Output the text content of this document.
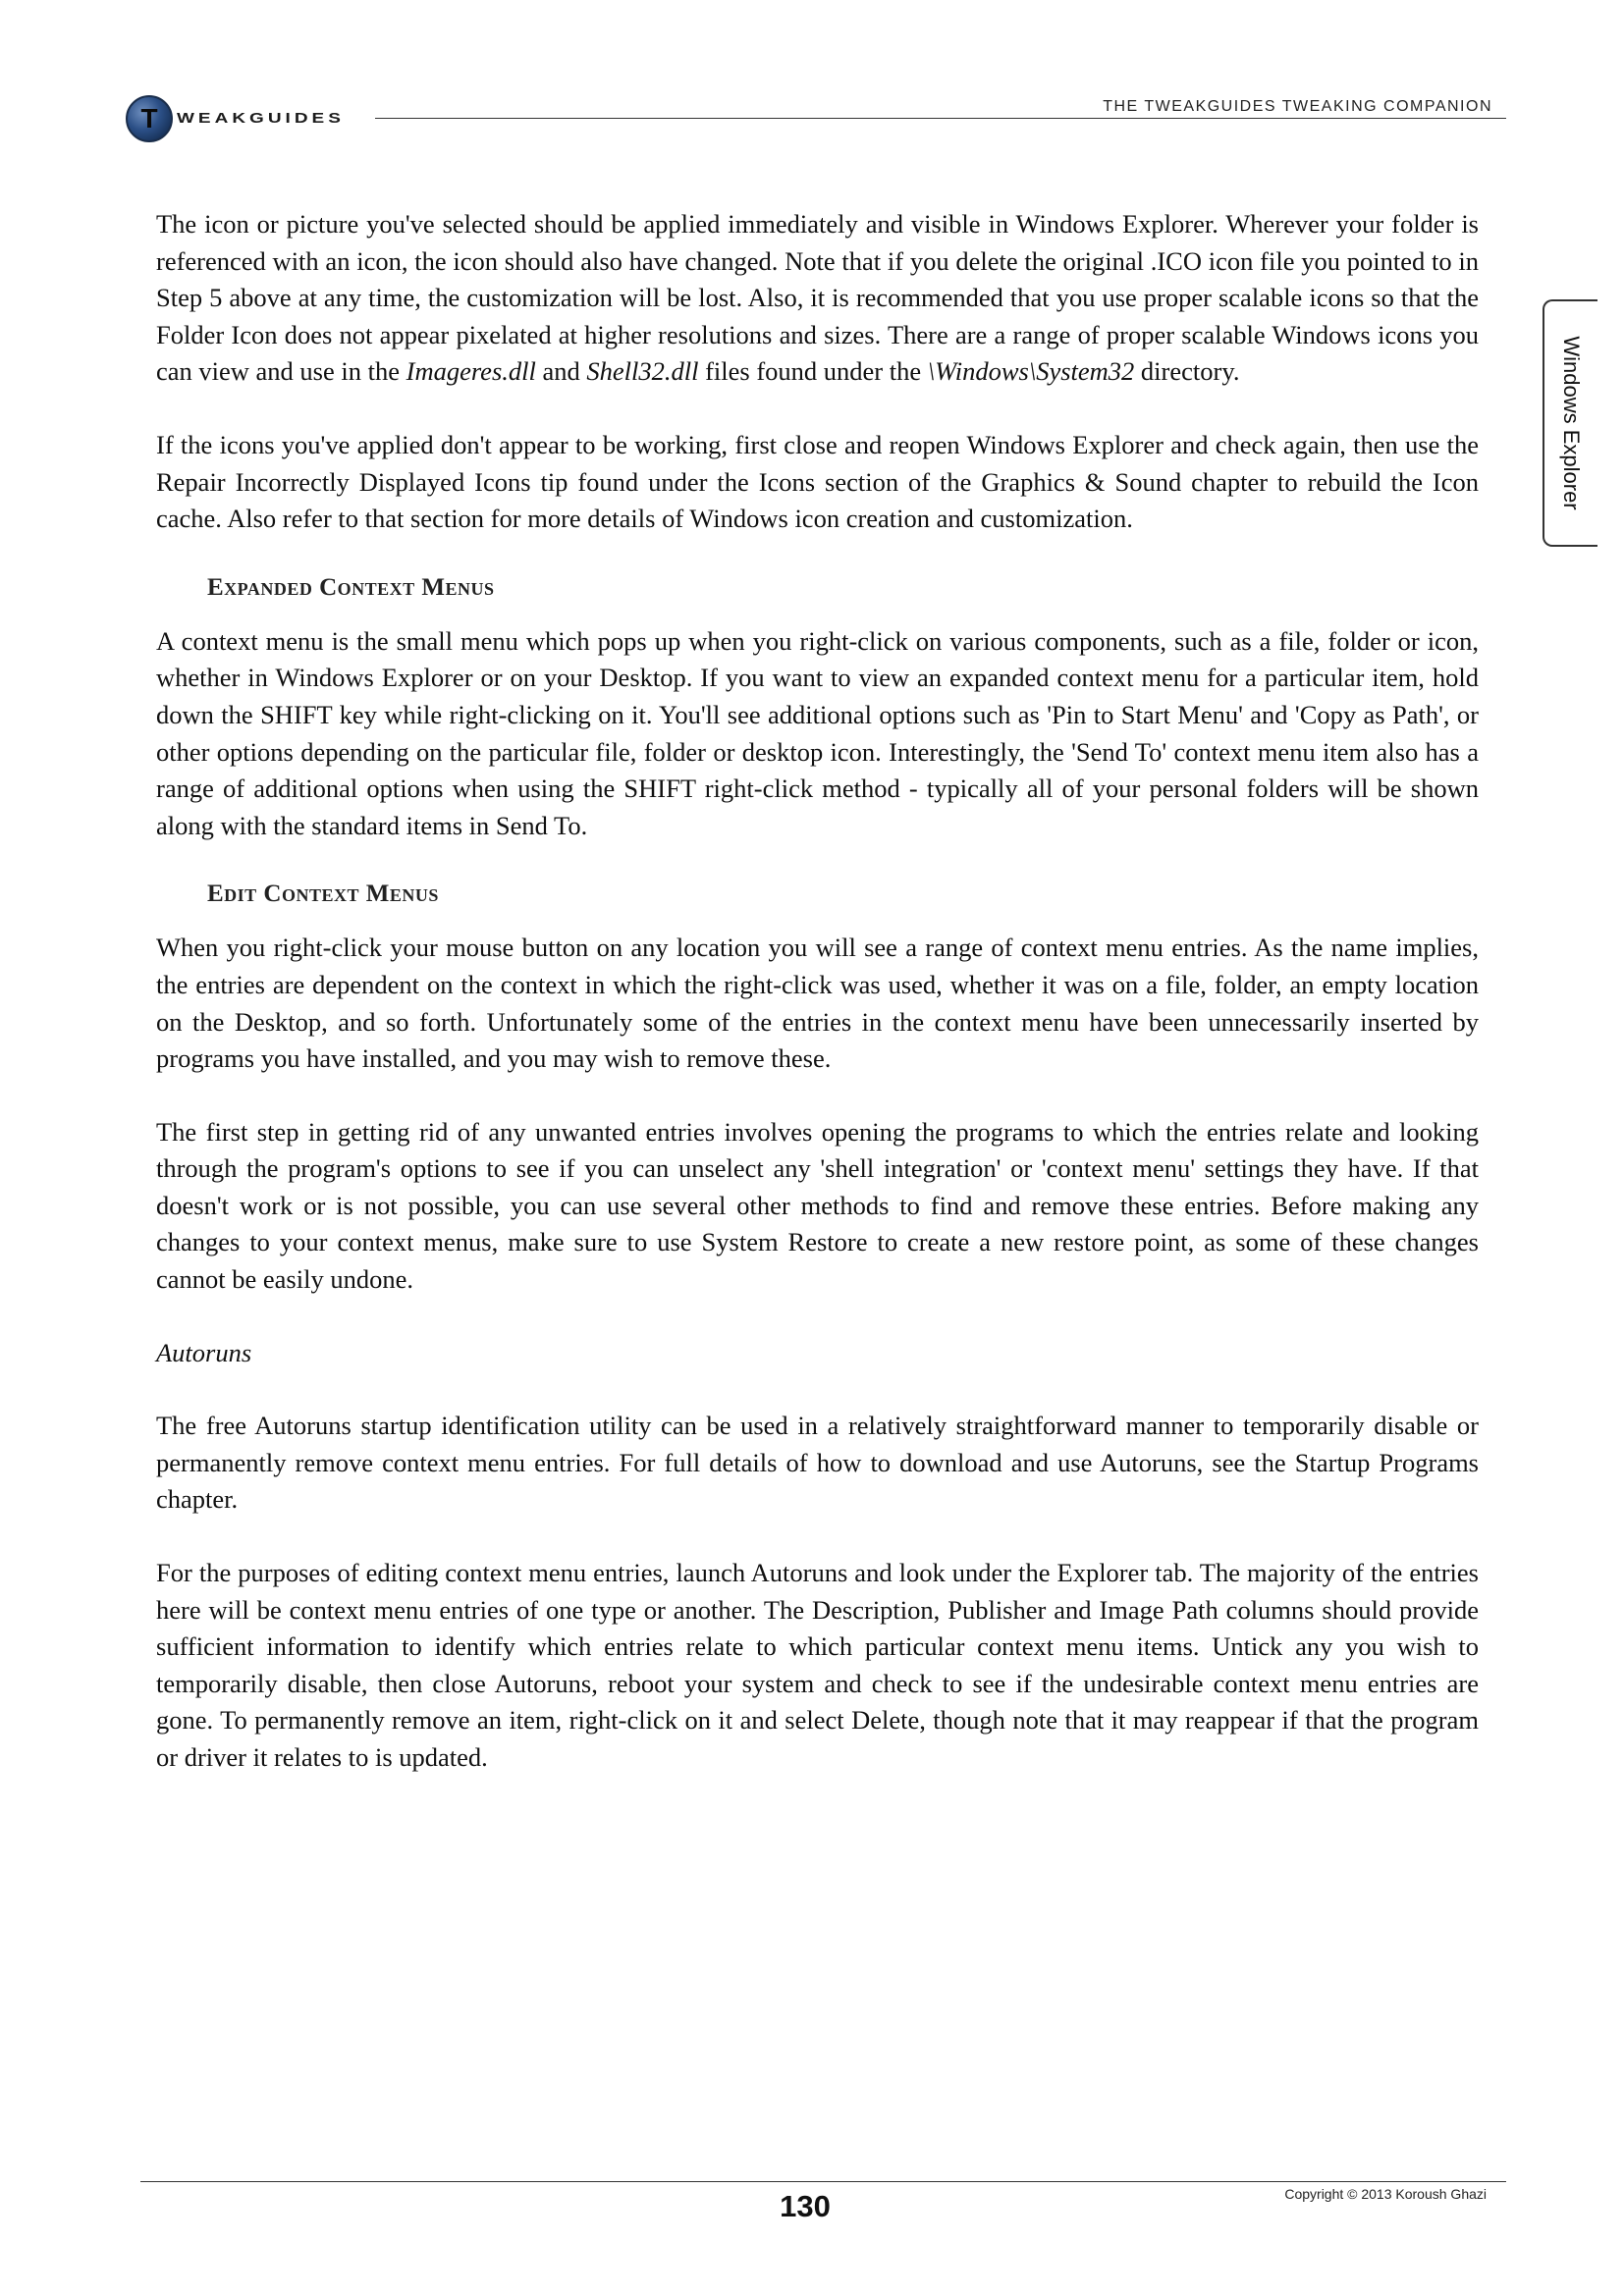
T
WEAKGUIDES
THE TWEAKGUIDES TWEAKING COMPANION
Windows Explorer

The icon or picture you've selected should be applied immediately and visible in Windows Explorer. Wherever your folder is referenced with an icon, the icon should also have changed. Note that if you delete the original .ICO icon file you pointed to in Step 5 above at any time, the customization will be lost. Also, it is recommended that you use proper scalable icons so that the Folder Icon does not appear pixelated at higher resolutions and sizes. There are a range of proper scalable Windows icons you can view and use in the Imageres.dll and Shell32.dll files found under the \Windows\System32 directory.

If the icons you've applied don't appear to be working, first close and reopen Windows Explorer and check again, then use the Repair Incorrectly Displayed Icons tip found under the Icons section of the Graphics & Sound chapter to rebuild the Icon cache. Also refer to that section for more details of Windows icon creation and customization.

Expanded Context Menus

A context menu is the small menu which pops up when you right-click on various components, such as a file, folder or icon, whether in Windows Explorer or on your Desktop. If you want to view an expanded context menu for a particular item, hold down the SHIFT key while right-clicking on it. You'll see additional options such as 'Pin to Start Menu' and 'Copy as Path', or other options depending on the particular file, folder or desktop icon. Interestingly, the 'Send To' context menu item also has a range of additional options when using the SHIFT right-click method - typically all of your personal folders will be shown along with the standard items in Send To.

Edit Context Menus

When you right-click your mouse button on any location you will see a range of context menu entries. As the name implies, the entries are dependent on the context in which the right-click was used, whether it was on a file, folder, an empty location on the Desktop, and so forth. Unfortunately some of the entries in the context menu have been unnecessarily inserted by programs you have installed, and you may wish to remove these.

The first step in getting rid of any unwanted entries involves opening the programs to which the entries relate and looking through the program's options to see if you can unselect any 'shell integration' or 'context menu' settings they have. If that doesn't work or is not possible, you can use several other methods to find and remove these entries. Before making any changes to your context menus, make sure to use System Restore to create a new restore point, as some of these changes cannot be easily undone.

Autoruns

The free Autoruns startup identification utility can be used in a relatively straightforward manner to temporarily disable or permanently remove context menu entries. For full details of how to download and use Autoruns, see the Startup Programs chapter.

For the purposes of editing context menu entries, launch Autoruns and look under the Explorer tab. The majority of the entries here will be context menu entries of one type or another. The Description, Publisher and Image Path columns should provide sufficient information to identify which entries relate to which particular context menu items. Untick any you wish to temporarily disable, then close Autoruns, reboot your system and check to see if the undesirable context menu entries are gone. To permanently remove an item, right-click on it and select Delete, though note that it may reappear if that the program or driver it relates to is updated.

130	Copyright © 2013 Koroush Ghazi
